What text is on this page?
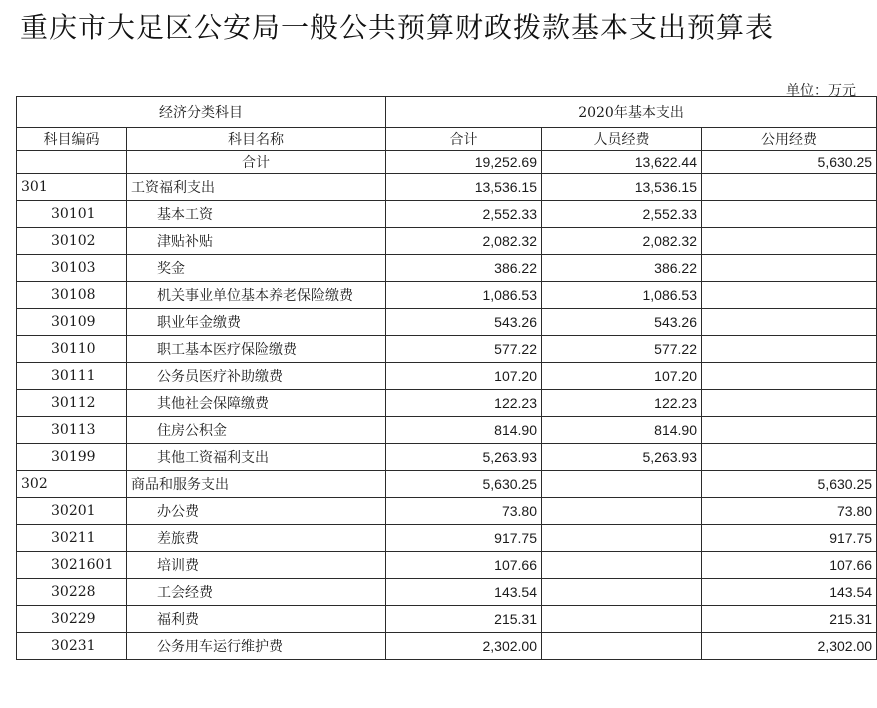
重庆市大足区公安局一般公共预算财政拨款基本支出预算表
单位：万元
经济分类科目		2020年基本支出		
科目编码	科目名称	合计	人员经费	公用经费
	合计	19,252.69	13,622.44	5,630.25
301	工资福利支出	13,536.15	13,536.15	
30101	基本工资	2,552.33	2,552.33	
30102	津贴补贴	2,082.32	2,082.32	
30103	奖金	386.22	386.22	
30108	机关事业单位基本养老保险缴费	1,086.53	1,086.53	
30109	职业年金缴费	543.26	543.26	
30110	职工基本医疗保险缴费	577.22	577.22	
30111	公务员医疗补助缴费	107.20	107.20	
30112	其他社会保障缴费	122.23	122.23	
30113	住房公积金	814.90	814.90	
30199	其他工资福利支出	5,263.93	5,263.93	
302	商品和服务支出	5,630.25		5,630.25
30201	办公费	73.80		73.80
30211	差旅费	917.75		917.75
3021601	培训费	107.66		107.66
30228	工会经费	143.54		143.54
30229	福利费	215.31		215.31
30231	公务用车运行维护费	2,302.00		2,302.00
